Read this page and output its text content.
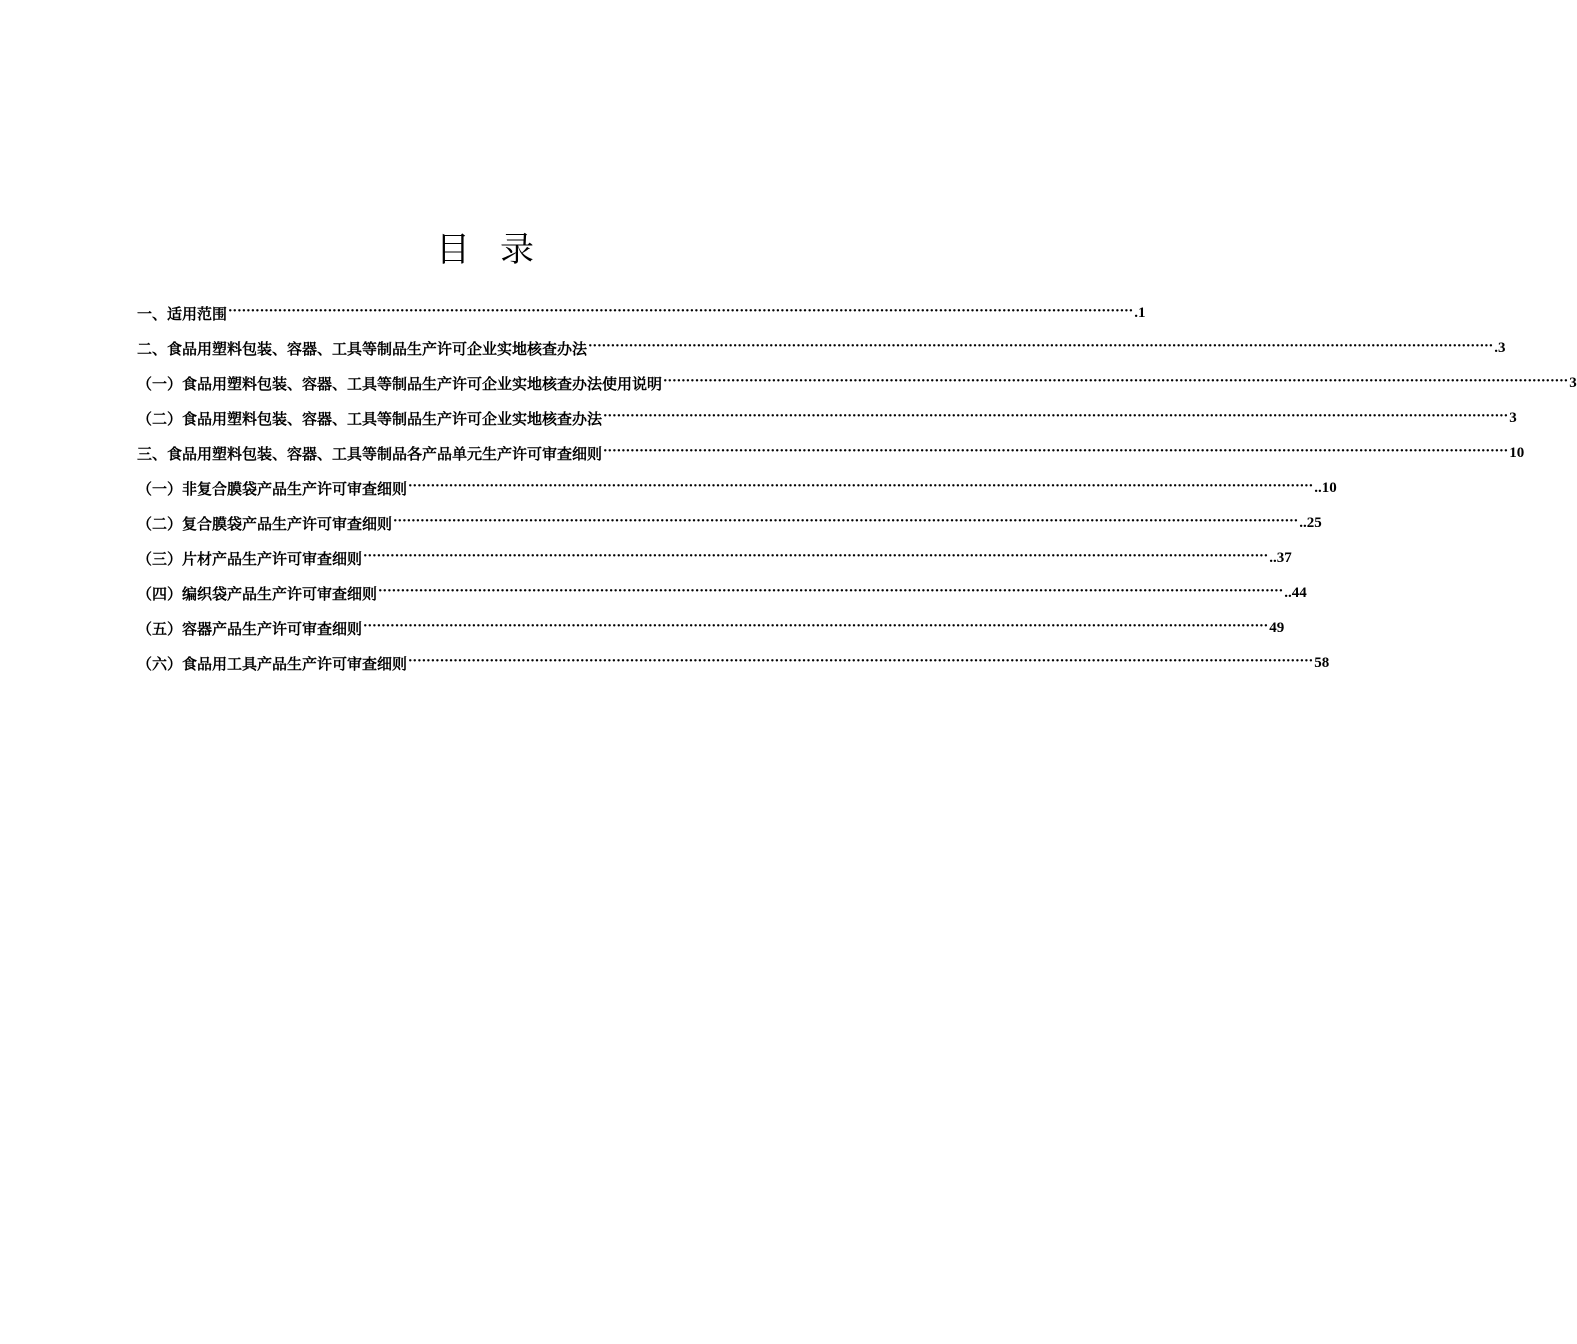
目录
一、适用范围 ········································································································································································································ .1
二、食品用塑料包装、容器、工具等制品生产许可企业实地核查办法 ········································································································································································································ .3
（一）食品用塑料包装、容器、工具等制品生产许可企业实地核查办法使用说明 ········································································································································································································ 3
（二）食品用塑料包装、容器、工具等制品生产许可企业实地核查办法 ········································································································································································································ 3
三、食品用塑料包装、容器、工具等制品各产品单元生产许可审查细则 ········································································································································································································ 10
（一）非复合膜袋产品生产许可审查细则 ········································································································································································································ ..10
（二）复合膜袋产品生产许可审查细则 ········································································································································································································ ..25
（三）片材产品生产许可审查细则 ········································································································································································································ ..37
（四）编织袋产品生产许可审查细则 ········································································································································································································ ..44
（五）容器产品生产许可审查细则 ········································································································································································································ 49
（六）食品用工具产品生产许可审查细则 ········································································································································································································ 58
